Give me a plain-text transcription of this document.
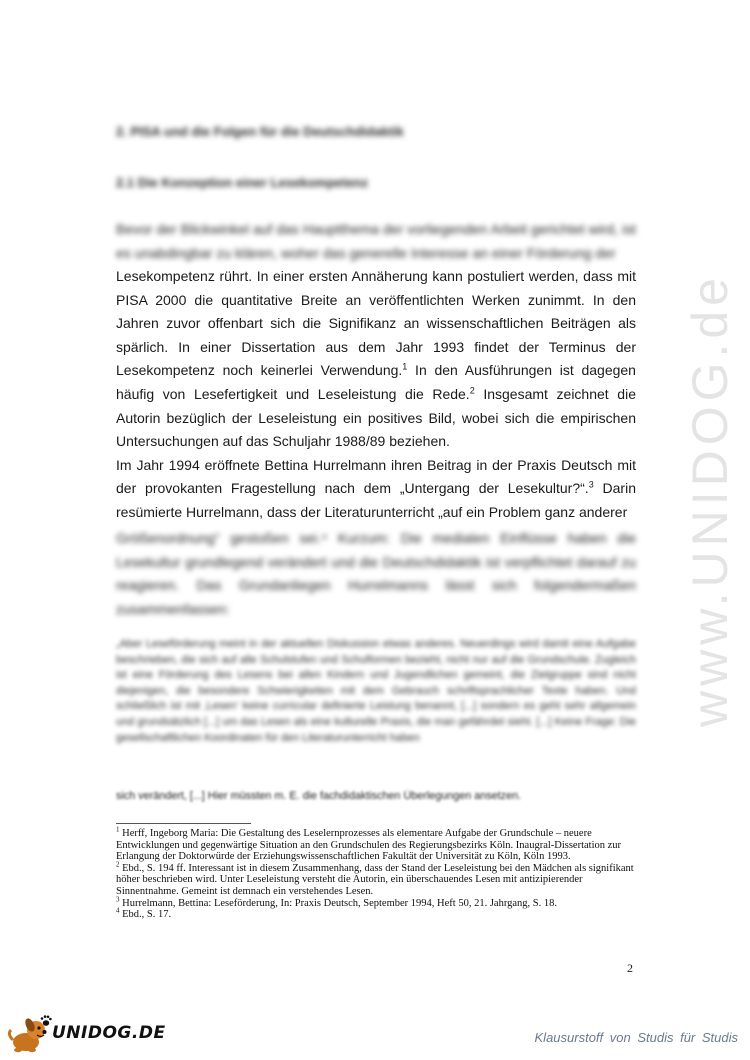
www.UNIDOG.de
2. PISA und die Folgen für die Deutschdidaktik
2.1 Die Konzeption einer Lesekompetenz
Bevor der Blickwinkel auf das Hauptthema der vorliegenden Arbeit gerichtet wird, ist es unabdingbar zu klären, woher das generelle Interesse an einer Förderung der

Lesekompetenz rührt. In einer ersten Annäherung kann postuliert werden, dass mit PISA 2000 die quantitative Breite an veröffentlichten Werken zunimmt. In den Jahren zuvor offenbart sich die Signifikanz an wissenschaftlichen Beiträgen als spärlich. In einer Dissertation aus dem Jahr 1993 findet der Terminus der Lesekompetenz noch keinerlei Verwendung.$^1$ In den Ausführungen ist dagegen häufig von Lesefertigkeit und Leseleistung die Rede.$^2$ Insgesamt zeichnet die Autorin bezüglich der Leseleistung ein positives Bild, wobei sich die empirischen Untersuchungen auf das Schuljahr 1988/89 beziehen.

Im Jahr 1994 eröffnete Bettina Hurrelmann ihren Beitrag in der Praxis Deutsch mit der provokanten Fragestellung nach dem „Untergang der Lesekultur?“.$^3$ Darin resümierte Hurrelmann, dass der Literaturunterricht „auf ein Problem ganz anderer

Größenordnung“ gestoßen sei.⁴ Kurzum: Die medialen Einflüsse haben die Lesekultur grundlegend verändert und die Deutschdidaktik ist verpflichtet darauf zu reagieren. Das Grundanliegen Hurrelmanns lässt sich folgendermaßen zusammenfassen:
„Aber Leseförderung meint in der aktuellen Diskussion etwas anderes. Neuerdings wird damit eine Aufgabe beschrieben, die sich auf alle Schulstufen und Schulformen bezieht, nicht nur auf die Grundschule. Zugleich ist eine Förderung des Lesens bei allen Kindern und Jugendlichen gemeint, die Zielgruppe sind nicht diejenigen, die besondere Schwierigkeiten mit dem Gebrauch schriftsprachlicher Texte haben. Und schließlich ist mit ‚Lesen‘ keine curricular definierte Leistung benannt, [...] sondern es geht sehr allgemein und grundsätzlich [...] um das Lesen als eine kulturelle Praxis, die man gefährdet sieht. [...] Keine Frage: Die gesellschaftlichen Koordinaten für den Literaturunterricht haben
sich verändert, [...] Hier müssten m. E. die fachdidaktischen Überlegungen ansetzen.
$^1$ Herff, Ingeborg Maria: Die Gestaltung des Leselernprozesses als elementare Aufgabe der Grundschule – neuere Entwicklungen und gegenwärtige Situation an den Grundschulen des Regierungsbezirks Köln. Inaugral-Dissertation zur Erlangung der Doktorwürde der Erziehungswissenschaftlichen Fakultät der Universität zu Köln, Köln 1993.
$^2$ Ebd., S. 194 ff. Interessant ist in diesem Zusammenhang, dass der Stand der Leseleistung bei den Mädchen als signifikant höher beschrieben wird. Unter Leseleistung versteht die Autorin, ein überschauendes Lesen mit antizipierender Sinnentnahme. Gemeint ist demnach ein verstehendes Lesen.
$^3$ Hurrelmann, Bettina: Leseförderung, In: Praxis Deutsch, September 1994, Heft 50, 21. Jahrgang, S. 18.
$^4$ Ebd., S. 17.
2
UNIDOG.DE	Klausurstoff von Studis für Studis
